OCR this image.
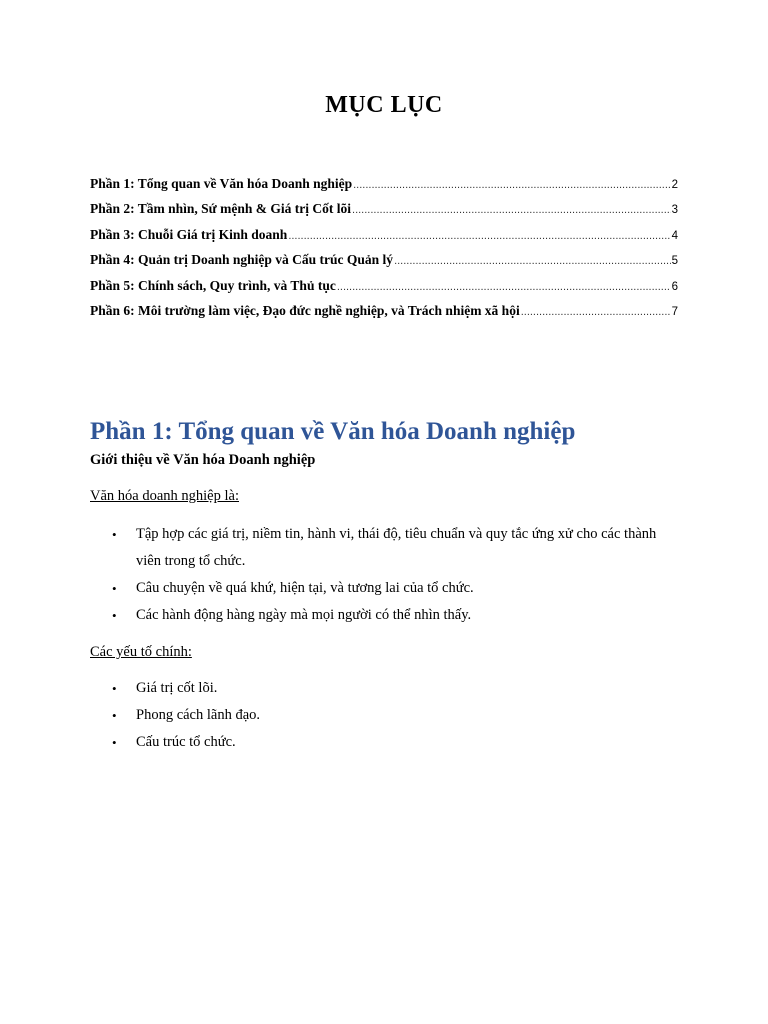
MỤC LỤC
Phần 1: Tổng quan về Văn hóa Doanh nghiệp .....	2
Phần 2: Tầm nhìn, Sứ mệnh & Giá trị Cốt lõi .....	3
Phần 3: Chuỗi Giá trị Kinh doanh .....	4
Phần 4: Quản trị Doanh nghiệp và Cấu trúc Quản lý .....	5
Phần 5: Chính sách, Quy trình, và Thủ tục .....	6
Phần 6: Môi trường làm việc, Đạo đức nghề nghiệp, và Trách nhiệm xã hội .....	7
Phần 1: Tổng quan về Văn hóa Doanh nghiệp

Giới thiệu về Văn hóa Doanh nghiệp

Văn hóa doanh nghiệp là:

• Tập hợp các giá trị, niềm tin, hành vi, thái độ, tiêu chuẩn và quy tắc ứng xử cho các thành viên trong tổ chức.
• Câu chuyện về quá khứ, hiện tại, và tương lai của tổ chức.
• Các hành động hàng ngày mà mọi người có thể nhìn thấy.

Các yếu tố chính:

• Giá trị cốt lõi.
• Phong cách lãnh đạo.
• Cấu trúc tổ chức.
